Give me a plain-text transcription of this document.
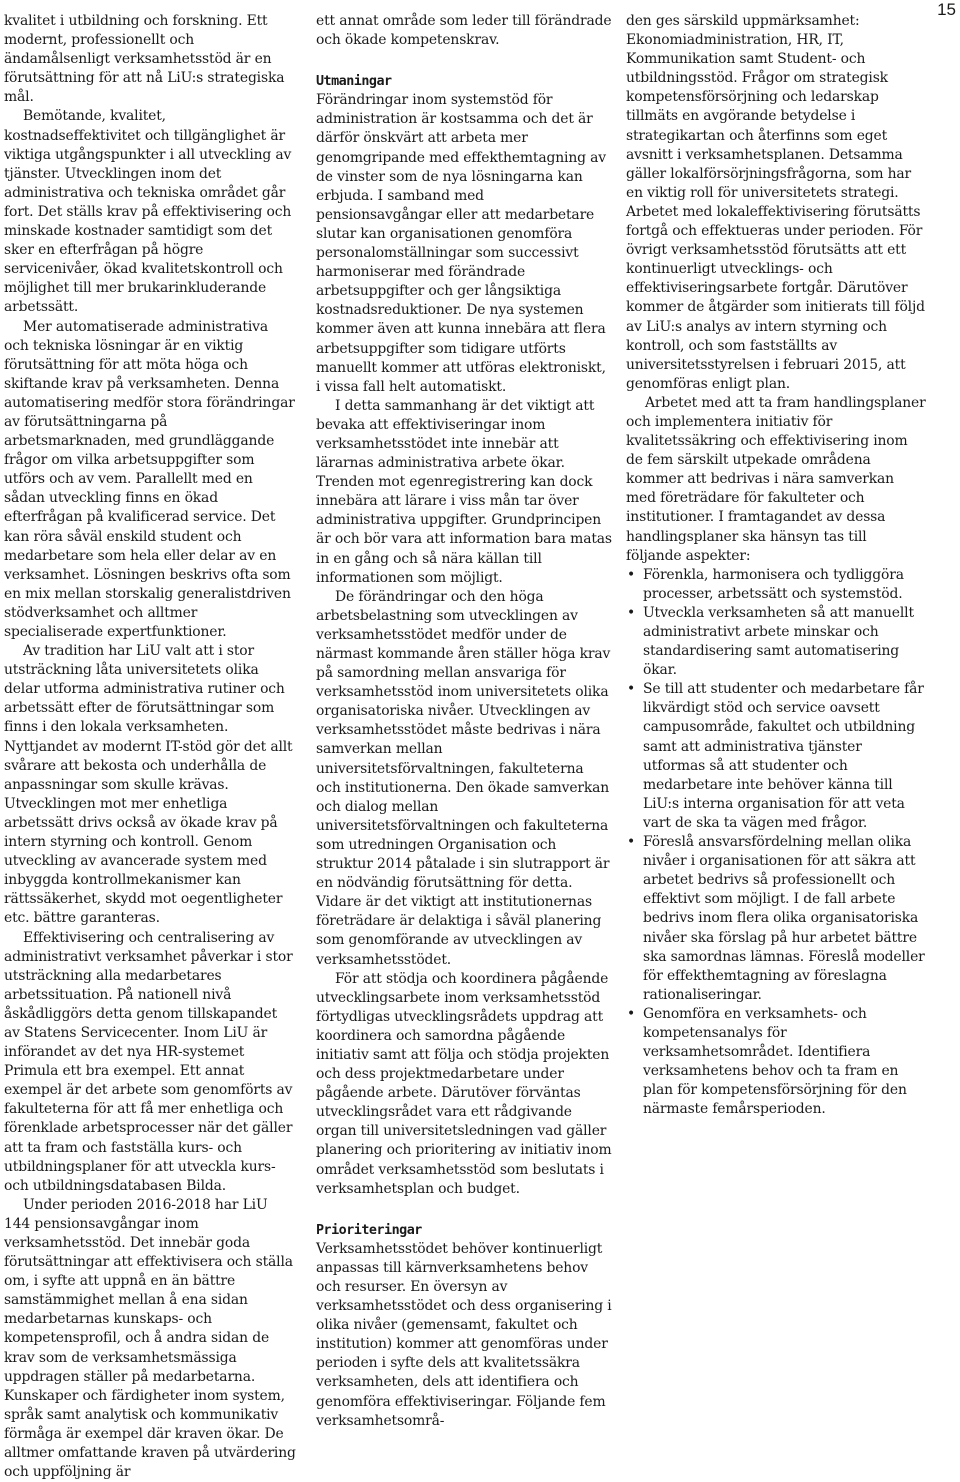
15

kvalitet i utbildning och forskning. Ett modernt, professionellt och ändamålsenligt verksamhetsstöd är en förutsättning för att nå LiU:s strategiska mål.

Bemötande, kvalitet, kostnadseffektivitet och tillgänglighet är viktiga utgångspunkter i all utveckling av tjänster. Utvecklingen inom det administrativa och tekniska området går fort. Det ställs krav på effektivisering och minskade kostnader samtidigt som det sker en efterfrågan på högre servicenivåer, ökad kvalitetskontroll och möjlighet till mer brukarinkluderande arbetssätt.

Mer automatiserade administrativa och tekniska lösningar är en viktig förutsättning för att möta höga och skiftande krav på verksamheten. Denna automatisering medför stora förändringar av förutsättningarna på arbetsmarknaden, med grundläggande frågor om vilka arbetsuppgifter som utförs och av vem. Parallellt med en sådan utveckling finns en ökad efterfrågan på kvalificerad service. Det kan röra såväl enskild student och medarbetare som hela eller delar av en verksamhet. Lösningen beskrivs ofta som en mix mellan storskalig generalistdriven stödverksamhet och alltmer specialiserade expertfunktioner.

Av tradition har LiU valt att i stor utsträckning låta universitetets olika delar utforma administrativa rutiner och arbetssätt efter de förutsättningar som finns i den lokala verksamheten. Nyttjandet av modernt IT-stöd gör det allt svårare att bekosta och underhålla de anpassningar som skulle krävas. Utvecklingen mot mer enhetliga arbetssätt drivs också av ökade krav på intern styrning och kontroll. Genom utveckling av avancerade system med inbyggda kontrollmekanismer kan rättssäkerhet, skydd mot oegentligheter etc. bättre garanteras.

Effektivisering och centralisering av administrativt verksamhet påverkar i stor utsträckning alla medarbetares arbetssituation. På nationell nivå åskådliggörs detta genom tillskapandet av Statens Servicecenter. Inom LiU är införandet av det nya HR-systemet Primula ett bra exempel. Ett annat exempel är det arbete som genomförts av fakulteterna för att få mer enhetliga och förenklade arbetsprocesser när det gäller att ta fram och fastställa kurs- och utbildningsplaner för att utveckla kurs- och utbildningsdatabasen Bilda.

Under perioden 2016-2018 har LiU 144 pensionsavgångar inom verksamhetsstöd. Det innebär goda förutsättningar att effektivisera och ställa om, i syfte att uppnå en än bättre samstämmighet mellan å ena sidan medarbetarnas kunskaps- och kompetensprofil, och å andra sidan de krav som de verksamhetsmässiga uppdragen ställer på medarbetarna. Kunskaper och färdigheter inom system, språk samt analytisk och kommunikativ förmåga är exempel där kraven ökar. De alltmer omfattande kraven på utvärdering och uppföljning är

ett annat område som leder till förändrade och ökade kompetenskrav.

Utmaningar

Förändringar inom systemstöd för administration är kostsamma och det är därför önskvärt att arbeta mer genomgripande med effekthemtagning av de vinster som de nya lösningarna kan erbjuda. I samband med pensionsavgångar eller att medarbetare slutar kan organisationen genomföra personalomställningar som successivt harmoniserar med förändrade arbetsuppgifter och ger långsiktiga kostnadsreduktioner. De nya systemen kommer även att kunna innebära att flera arbetsuppgifter som tidigare utförts manuellt kommer att utföras elektroniskt, i vissa fall helt automatiskt.

I detta sammanhang är det viktigt att bevaka att effektiviseringar inom verksamhetsstödet inte innebär att lärarnas administrativa arbete ökar. Trenden mot egenregistrering kan dock innebära att lärare i viss mån tar över administrativa uppgifter. Grundprincipen är och bör vara att information bara matas in en gång och så nära källan till informationen som möjligt.

De förändringar och den höga arbetsbelastning som utvecklingen av verksamhetsstödet medför under de närmast kommande åren ställer höga krav på samordning mellan ansvariga för verksamhetsstöd inom universitetets olika organisatoriska nivåer. Utvecklingen av verksamhetsstödet måste bedrivas i nära samverkan mellan universitetsförvaltningen, fakulteterna och institutionerna. Den ökade samverkan och dialog mellan universitetsförvaltningen och fakulteterna som utredningen Organisation och struktur 2014 påtalade i sin slutrapport är en nödvändig förutsättning för detta. Vidare är det viktigt att institutionernas företrädare är delaktiga i såväl planering som genomförande av utvecklingen av verksamhetsstödet.

För att stödja och koordinera pågående utvecklingsarbete inom verksamhetsstöd förtydligas utvecklingsrådets uppdrag att koordinera och samordna pågående initiativ samt att följa och stödja projekten och dess projektmedarbetare under pågående arbete. Därutöver förväntas utvecklingsrådet vara ett rådgivande organ till universitetsledningen vad gäller planering och prioritering av initiativ inom området verksamhetsstöd som beslutats i verksamhetsplan och budget.

Prioriteringar

Verksamhetsstödet behöver kontinuerligt anpassas till kärnverksamhetens behov och resurser. En översyn av verksamhetsstödet och dess organisering i olika nivåer (gemensamt, fakultet och institution) kommer att genomföras under perioden i syfte dels att kvalitetssäkra verksamheten, dels att identifiera och genomföra effektiviseringar. Följande fem verksamhetsområ-

den ges särskild uppmärksamhet: Ekonomiadministration, HR, IT, Kommunikation samt Student- och utbildningsstöd. Frågor om strategisk kompetensförsörjning och ledarskap tillmäts en avgörande betydelse i strategikartan och återfinns som eget avsnitt i verksamhetsplanen. Detsamma gäller lokalförsörjningsfrågorna, som har en viktig roll för universitetets strategi. Arbetet med lokaleffektivisering förutsätts fortgå och effektueras under perioden. För övrigt verksamhetsstöd förutsätts att ett kontinuerligt utvecklings- och effektiviseringsarbete fortgår. Därutöver kommer de åtgärder som initierats till följd av LiU:s analys av intern styrning och kontroll, och som fastställts av universitetsstyrelsen i februari 2015, att genomföras enligt plan.

Arbetet med att ta fram handlingsplaner och implementera initiativ för kvalitetssäkring och effektivisering inom de fem särskilt utpekade områdena kommer att bedrivas i nära samverkan med företrädare för fakulteter och institutioner. I framtagandet av dessa handlingsplaner ska hänsyn tas till följande aspekter:

• Förenkla, harmonisera och tydliggöra processer, arbetssätt och systemstöd.
• Utveckla verksamheten så att manuellt administrativt arbete minskar och standardisering samt automatisering ökar.
• Se till att studenter och medarbetare får likvärdigt stöd och service oavsett campusområde, fakultet och utbildning samt att administrativa tjänster utformas så att studenter och medarbetare inte behöver känna till LiU:s interna organisation för att veta vart de ska ta vägen med frågor.
• Föreslå ansvarsfördelning mellan olika nivåer i organisationen för att säkra att arbetet bedrivs så professionellt och effektivt som möjligt. I de fall arbete bedrivs inom flera olika organisatoriska nivåer ska förslag på hur arbetet bättre ska samordnas lämnas. Föreslå modeller för effekthemtagning av föreslagna rationaliseringar.
• Genomföra en verksamhets- och kompetensanalys för verksamhetsområdet. Identifiera verksamhetens behov och ta fram en plan för kompetensförsörjning för den närmaste femårsperioden.
